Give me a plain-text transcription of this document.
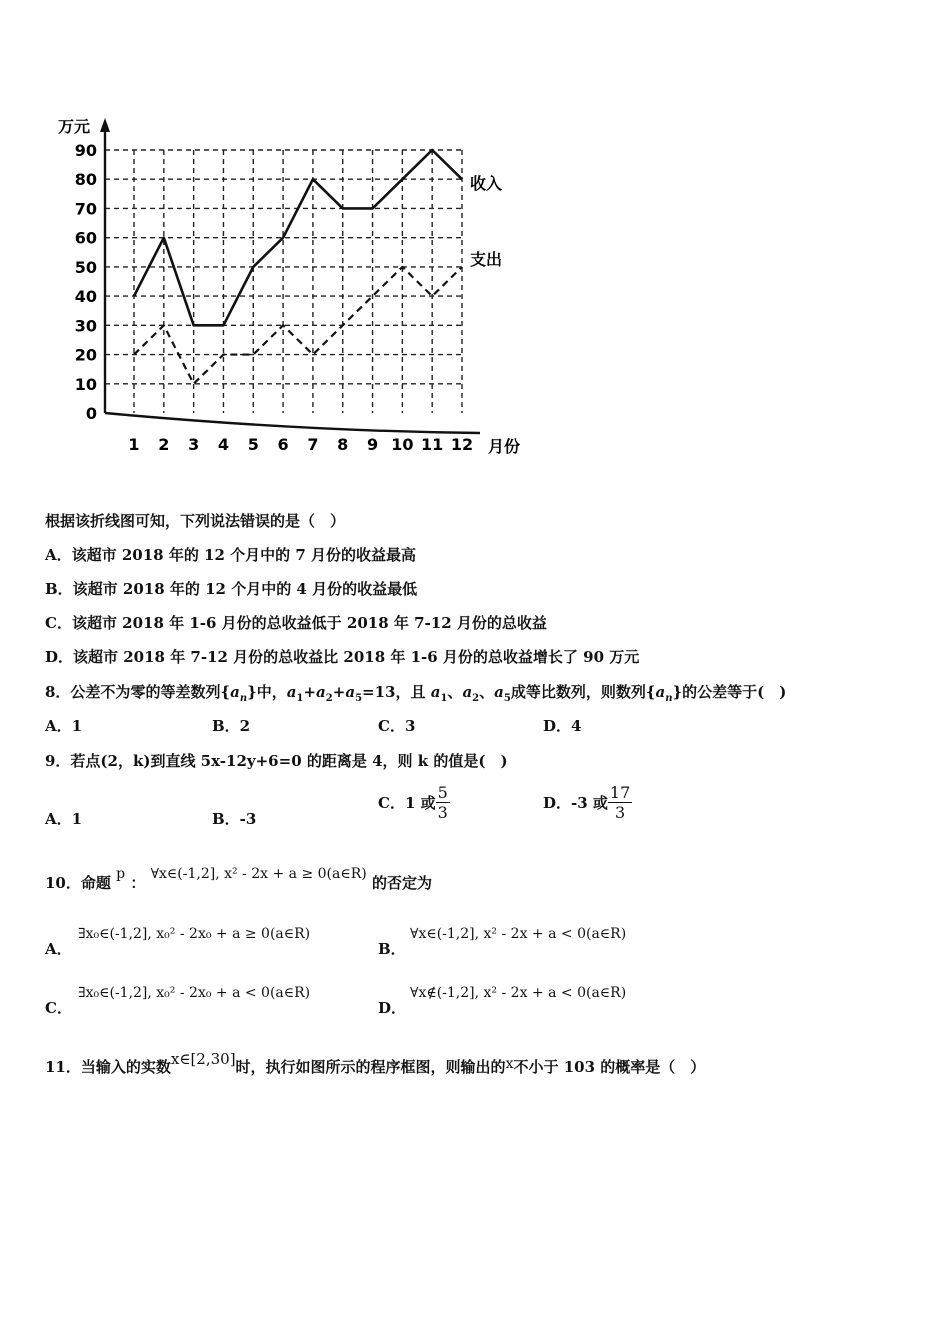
0
10
20
30
40
50
60
70
80
90
1 2 3 4 5 6 7 8 9 10 11 12
万元
月份
收入
支出
根据该折线图可知，下列说法错误的是（　）
A．该超市 2018 年的 12 个月中的 7 月份的收益最高
B．该超市 2018 年的 12 个月中的 4 月份的收益最低
C．该超市 2018 年 1-6 月份的总收益低于 2018 年 7-12 月份的总收益
D．该超市 2018 年 7-12 月份的总收益比 2018 年 1-6 月份的总收益增长了 90 万元
8．公差不为零的等差数列$\{a_n\}$中，$a_1+a_2+a_5=13$，且 $a_1$、$a_2$、$a_5$成等比数列，则数列$\{a_n\}$的公差等于(　)
A．1	B．2	C．3	D．4
9．若点(2，k)到直线 5x-12y+6=0 的距离是 4，则 k 的值是(　)
A．1	B．-3
C．1 或 $\frac{5}{3}$	D．-3 或 $\frac{17}{3}$
10．命题 p ： ∀x∈(-1,2], x² - 2x + a ≥ 0(a∈R) 的否定为
A．
∃x₀∈(-1,2], x₀² - 2x₀ + a ≥ 0(a∈R)
B．
∀x∈(-1,2], x² - 2x + a < 0(a∈R)
C．
∃x₀∈(-1,2], x₀² - 2x₀ + a < 0(a∈R)
D．
∀x∉(-1,2], x² - 2x + a < 0(a∈R)
11．当输入的实数x∈[2,30]时，执行如图所示的程序框图，则输出的x不小于 103 的概率是（　）
